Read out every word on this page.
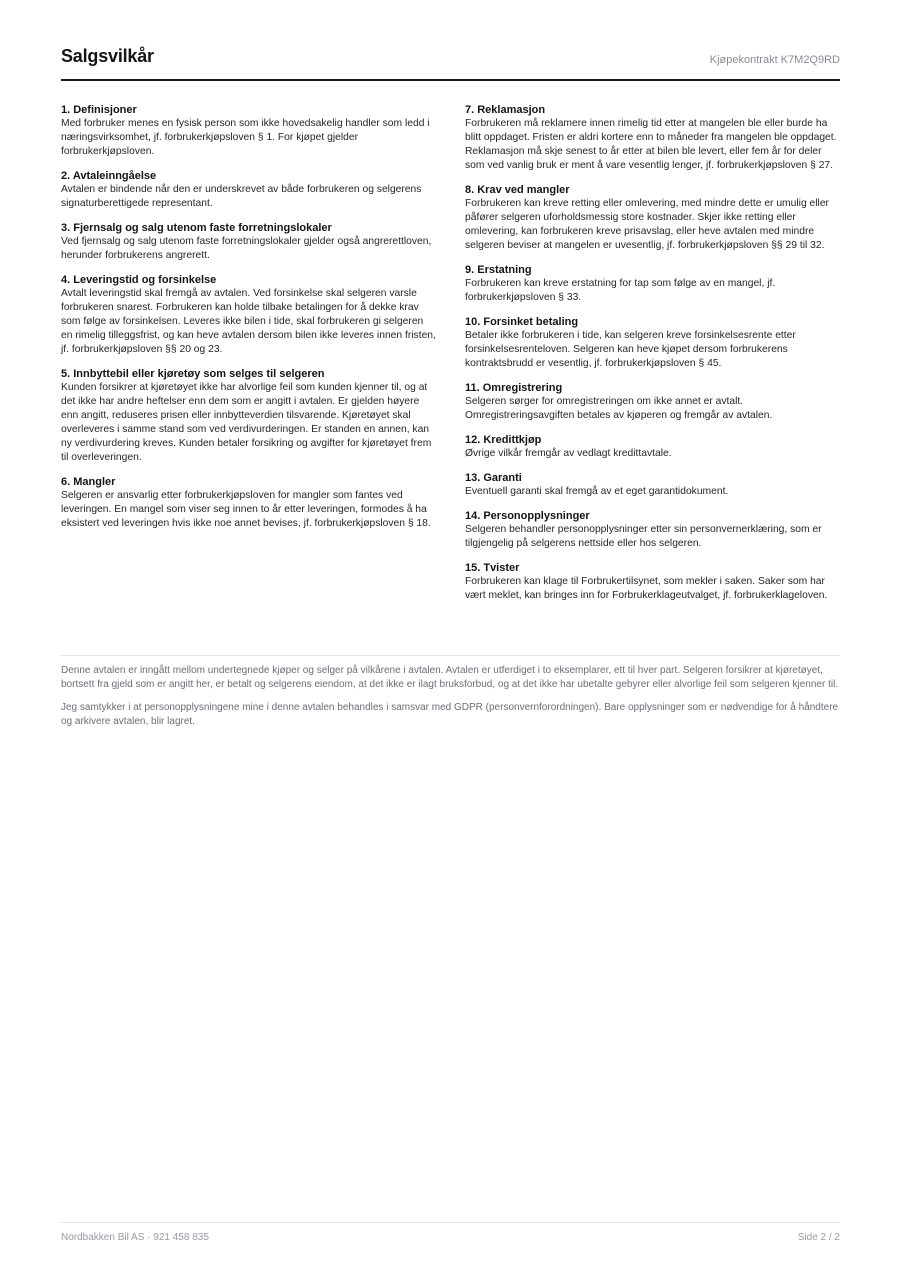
Salgsvilkår	Kjøpekontrakt K7M2Q9RD

1. Definisjoner

Med forbruker menes en fysisk person som ikke hovedsakelig handler som ledd i næringsvirksomhet, jf. forbrukerkjøpsloven § 1. For kjøpet gjelder forbrukerkjøpsloven.

2. Avtaleinngåelse

Avtalen er bindende når den er underskrevet av både forbrukeren og selgerens signaturberettigede representant.

3. Fjernsalg og salg utenom faste forretningslokaler

Ved fjernsalg og salg utenom faste forretningslokaler gjelder også angrerettloven, herunder forbrukerens angrerett.

4. Leveringstid og forsinkelse

Avtalt leveringstid skal fremgå av avtalen. Ved forsinkelse skal selgeren varsle forbrukeren snarest. Forbrukeren kan holde tilbake betalingen for å dekke krav som følge av forsinkelsen. Leveres ikke bilen i tide, skal forbrukeren gi selgeren en rimelig tilleggsfrist, og kan heve avtalen dersom bilen ikke leveres innen fristen, jf. forbrukerkjøpsloven §§ 20 og 23.

5. Innbyttebil eller kjøretøy som selges til selgeren

Kunden forsikrer at kjøretøyet ikke har alvorlige feil som kunden kjenner til, og at det ikke har andre heftelser enn dem som er angitt i avtalen. Er gjelden høyere enn angitt, reduseres prisen eller innbytteverdien tilsvarende. Kjøretøyet skal overleveres i samme stand som ved verdivurderingen. Er standen en annen, kan ny verdivurdering kreves. Kunden betaler forsikring og avgifter for kjøretøyet frem til overleveringen.

6. Mangler

Selgeren er ansvarlig etter forbrukerkjøpsloven for mangler som fantes ved leveringen. En mangel som viser seg innen to år etter leveringen, formodes å ha eksistert ved leveringen hvis ikke noe annet bevises, jf. forbrukerkjøpsloven § 18.

7. Reklamasjon

Forbrukeren må reklamere innen rimelig tid etter at mangelen ble eller burde ha blitt oppdaget. Fristen er aldri kortere enn to måneder fra mangelen ble oppdaget. Reklamasjon må skje senest to år etter at bilen ble levert, eller fem år for deler som ved vanlig bruk er ment å vare vesentlig lenger, jf. forbrukerkjøpsloven § 27.

8. Krav ved mangler

Forbrukeren kan kreve retting eller omlevering, med mindre dette er umulig eller påfører selgeren uforholdsmessig store kostnader. Skjer ikke retting eller omlevering, kan forbrukeren kreve prisavslag, eller heve avtalen med mindre selgeren beviser at mangelen er uvesentlig, jf. forbrukerkjøpsloven §§ 29 til 32.

9. Erstatning

Forbrukeren kan kreve erstatning for tap som følge av en mangel, jf. forbrukerkjøpsloven § 33.

10. Forsinket betaling

Betaler ikke forbrukeren i tide, kan selgeren kreve forsinkelsesrente etter forsinkelsesrenteloven. Selgeren kan heve kjøpet dersom forbrukerens kontraktsbrudd er vesentlig, jf. forbrukerkjøpsloven § 45.

11. Omregistrering

Selgeren sørger for omregistreringen om ikke annet er avtalt. Omregistreringsavgiften betales av kjøperen og fremgår av avtalen.

12. Kredittkjøp

Øvrige vilkår fremgår av vedlagt kredittavtale.

13. Garanti

Eventuell garanti skal fremgå av et eget garantidokument.

14. Personopplysninger

Selgeren behandler personopplysninger etter sin personvernerklæring, som er tilgjengelig på selgerens nettside eller hos selgeren.

15. Tvister

Forbrukeren kan klage til Forbrukertilsynet, som mekler i saken. Saker som har vært meklet, kan bringes inn for Forbrukerklageutvalget, jf. forbrukerklageloven.

Denne avtalen er inngått mellom undertegnede kjøper og selger på vilkårene i avtalen. Avtalen er utferdiget i to eksemplarer, ett til hver part. Selgeren forsikrer at kjøretøyet, bortsett fra gjeld som er angitt her, er betalt og selgerens eiendom, at det ikke er ilagt bruksforbud, og at det ikke har ubetalte gebyrer eller alvorlige feil som selgeren kjenner til.

Jeg samtykker i at personopplysningene mine i denne avtalen behandles i samsvar med GDPR (personvernforordningen). Bare opplysninger som er nødvendige for å håndtere og arkivere avtalen, blir lagret.

Nordbakken Bil AS · 921 458 835	Side 2 / 2
